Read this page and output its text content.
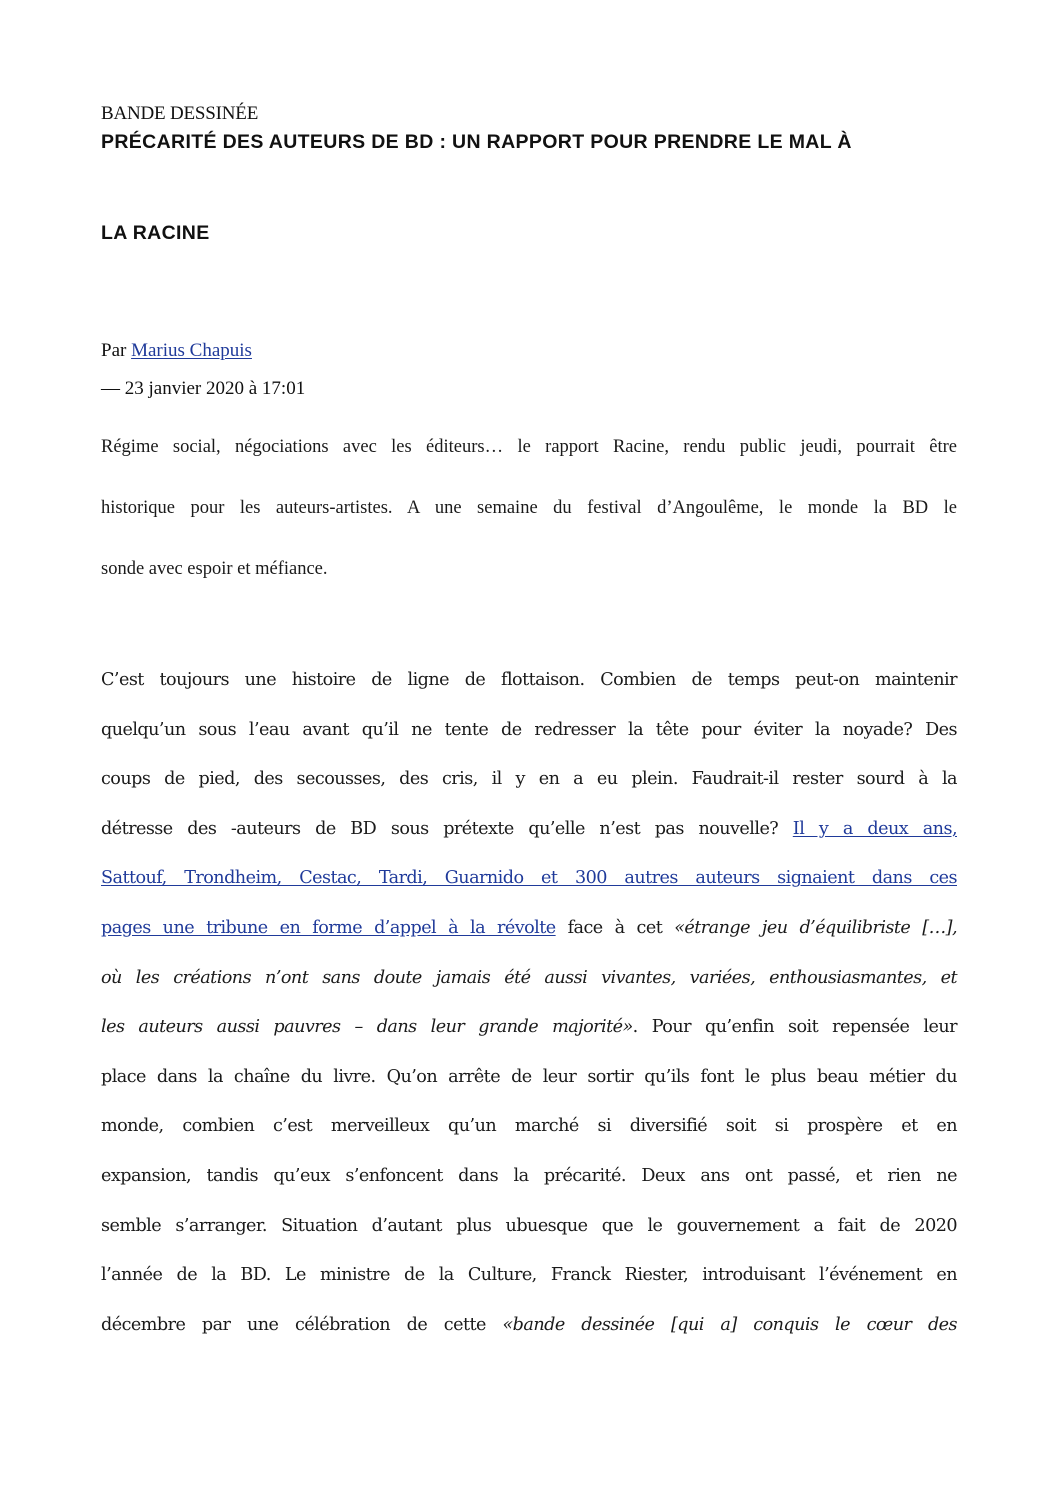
BANDE DESSINÉE
PRÉCARITÉ DES AUTEURS DE BD : UN RAPPORT POUR PRENDRE LE MAL À
LA RACINE
Par Marius Chapuis
— 23 janvier 2020 à 17:01
Régime social, négociations avec les éditeurs… le rapport Racine, rendu public jeudi, pourrait être
historique pour les auteurs-artistes. A une semaine du festival d’Angoulême, le monde la BD le
sonde avec espoir et méfiance.
C’est toujours une histoire de ligne de flottaison. Combien de temps peut-on maintenir
quelqu’un sous l’eau avant qu’il ne tente de redresser la tête pour éviter la noyade? Des
coups de pied, des secousses, des cris, il y en a eu plein. Faudrait-il rester sourd à la
détresse des -auteurs de BD sous prétexte qu’elle n’est pas nouvelle? Il y a deux ans,
Sattouf, Trondheim, Cestac, Tardi, Guarnido et 300 autres auteurs signaient dans ces
pages une tribune en forme d’appel à la révolte face à cet «étrange jeu d’équilibriste […],
où les créations n’ont sans doute jamais été aussi vivantes, variées, enthousiasmantes, et
les auteurs aussi pauvres – dans leur grande majorité». Pour qu’enfin soit repensée leur
place dans la chaîne du livre. Qu’on arrête de leur sortir qu’ils font le plus beau métier du
monde, combien c’est merveilleux qu’un marché si diversifié soit si prospère et en
expansion, tandis qu’eux s’enfoncent dans la précarité. Deux ans ont passé, et rien ne
semble s’arranger. Situation d’autant plus ubuesque que le gouvernement a fait de 2020
l’année de la BD. Le ministre de la Culture, Franck Riester, introduisant l’événement en
décembre par une célébration de cette «bande dessinée [qui a] conquis le cœur des
